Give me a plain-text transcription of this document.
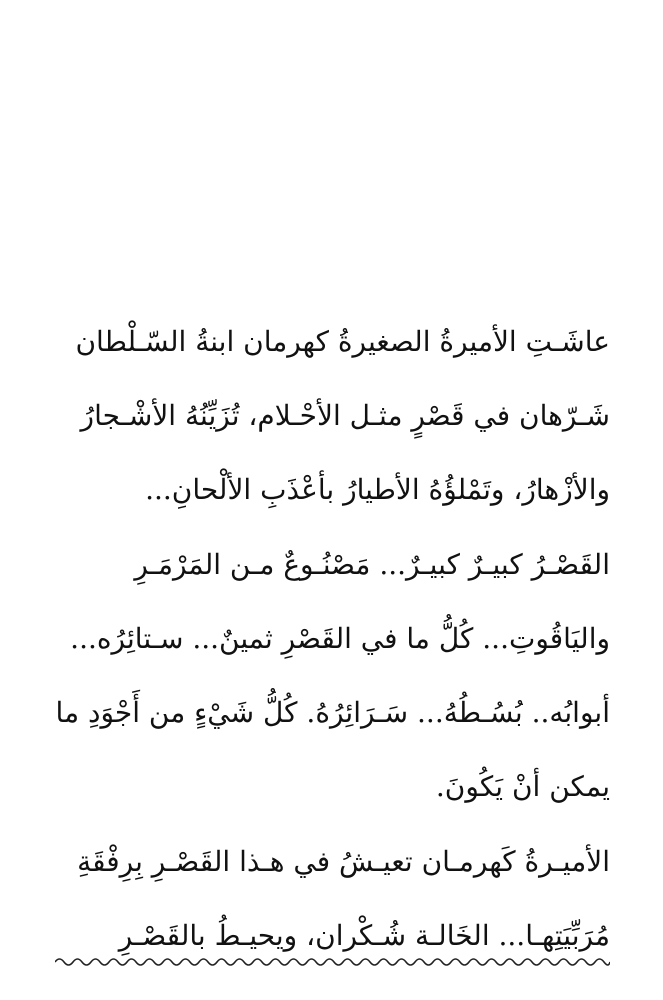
عاشَـتِ الأميرةُ الصغيرةُ كهرمان ابنةُ السّـلْطان
شَـرّهان في قَصْرٍ مثـل الأحْـلام، تُزَيِّنُهُ الأشْـجارُ
والأزْهارُ، وتَمْلؤُهُ الأطيارُ بأعْذَبِ الألْحانِ...
القَصْـرُ كبيـرٌ كبيـرٌ... مَصْنُـوعٌ مـن المَرْمَـرِ
واليَاقُوتِ... كُلُّ ما في القَصْرِ ثمينٌ... سـتائِرُه...
أبوابُه.. بُسُـطُهُ... سَـرَائِرُهُ. كُلُّ شَيْءٍ من أَجْوَدِ ما
يمكن أنْ يَكُونَ.
الأميـرةُ كَهرمـان تعيـشُ في هـذا القَصْـرِ بِرِفْقَةِ
مُرَبِّيَتِهـا... الخَالـة شُـكْران، ويحيـطُ بالقَصْـرِ
